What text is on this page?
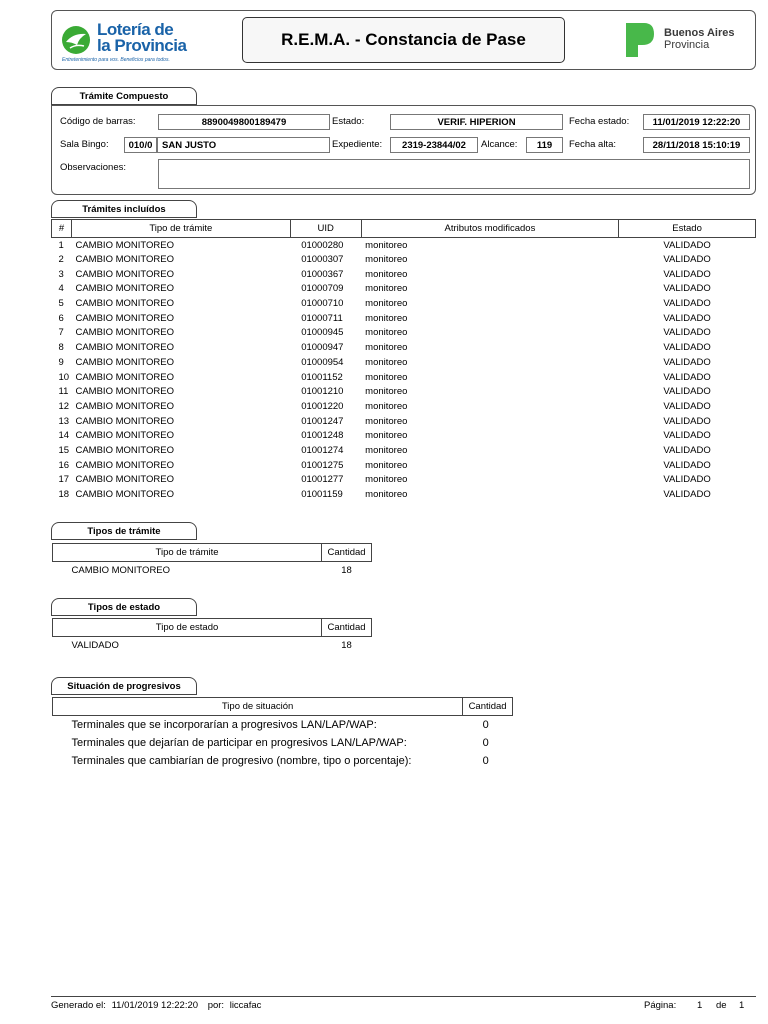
Lotería de
la Provincia
Entretenimiento para vos. Beneficios para todos.
R.E.M.A. - Constancia de Pase	Buenos Aires
Provincia
Trámite Compuesto
Código de barras:	8890049800189479	Estado:	VERIF. HIPERION	Fecha estado:	11/01/2019 12:22:20
Sala Bingo:	010/0	SAN JUSTO	Expediente:	2319-23844/02	Alcance:	119	Fecha alta:	28/11/2018 15:10:19
Observaciones:
Trámites incluídos
#	Tipo de trámite	UID	Atributos modificados	Estado
1	CAMBIO MONITOREO	01000280	monitoreo	VALIDADO
2	CAMBIO MONITOREO	01000307	monitoreo	VALIDADO
3	CAMBIO MONITOREO	01000367	monitoreo	VALIDADO
4	CAMBIO MONITOREO	01000709	monitoreo	VALIDADO
5	CAMBIO MONITOREO	01000710	monitoreo	VALIDADO
6	CAMBIO MONITOREO	01000711	monitoreo	VALIDADO
7	CAMBIO MONITOREO	01000945	monitoreo	VALIDADO
8	CAMBIO MONITOREO	01000947	monitoreo	VALIDADO
9	CAMBIO MONITOREO	01000954	monitoreo	VALIDADO
10	CAMBIO MONITOREO	01001152	monitoreo	VALIDADO
11	CAMBIO MONITOREO	01001210	monitoreo	VALIDADO
12	CAMBIO MONITOREO	01001220	monitoreo	VALIDADO
13	CAMBIO MONITOREO	01001247	monitoreo	VALIDADO
14	CAMBIO MONITOREO	01001248	monitoreo	VALIDADO
15	CAMBIO MONITOREO	01001274	monitoreo	VALIDADO
16	CAMBIO MONITOREO	01001275	monitoreo	VALIDADO
17	CAMBIO MONITOREO	01001277	monitoreo	VALIDADO
18	CAMBIO MONITOREO	01001159	monitoreo	VALIDADO
Tipos de trámite
Tipo de trámite	Cantidad
CAMBIO MONITOREO	18
Tipos de estado
Tipo de estado	Cantidad
VALIDADO	18
Situación de progresivos
Tipo de situación	Cantidad
Terminales que se incorporarían a progresivos LAN/LAP/WAP:	0
Terminales que dejarían de participar en progresivos LAN/LAP/WAP:	0
Terminales que cambiarían de progresivo (nombre, tipo o porcentaje):	0
Generado el: 11/01/2019 12:22:20 por: liccafac	Página: 1 de 1
